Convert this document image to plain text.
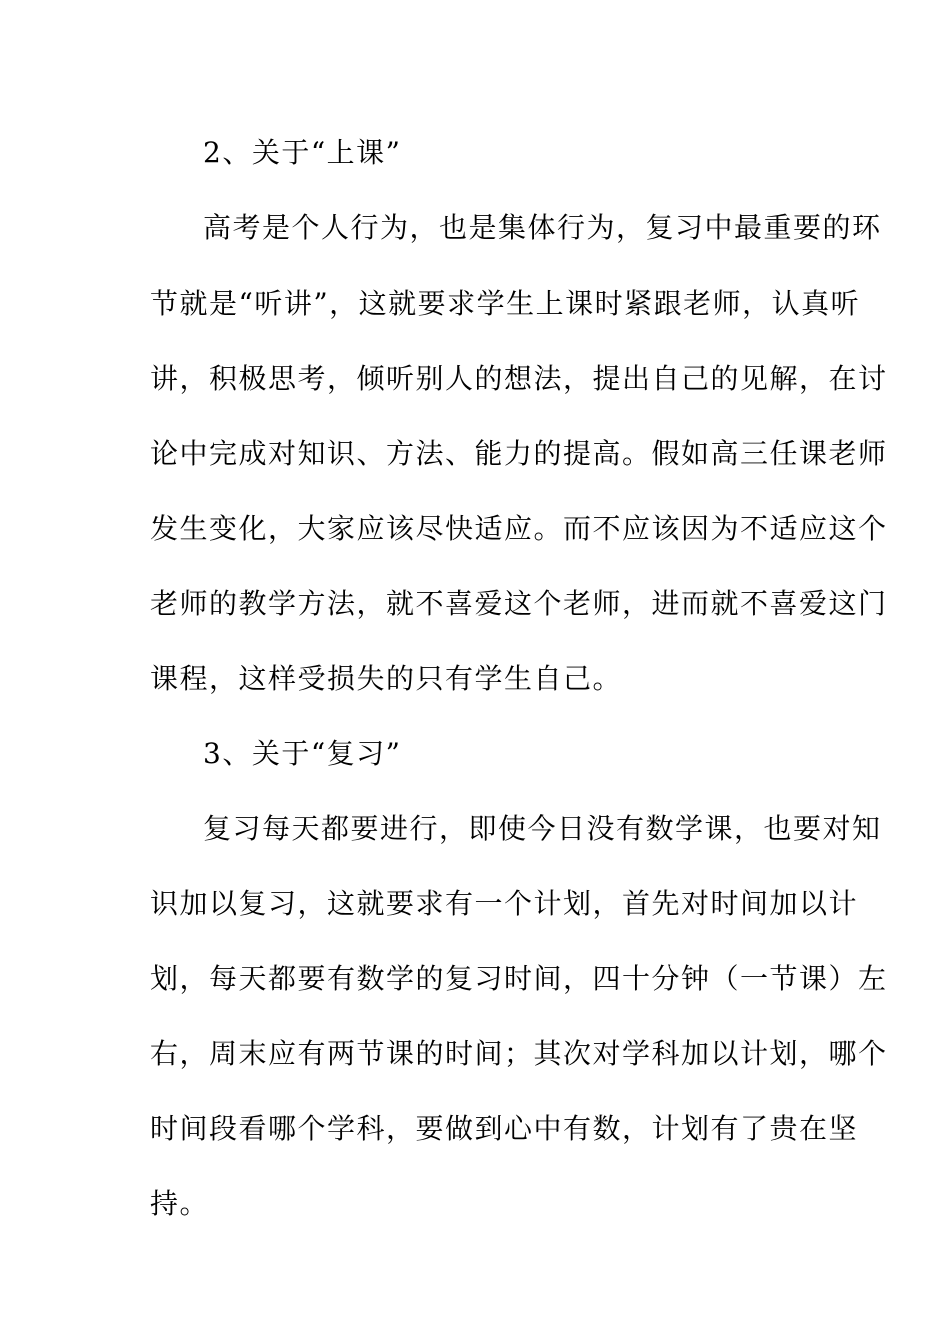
2、关于“上课”
高考是个人行为，也是集体行为，复习中最重要的环
节就是“听讲”，这就要求学生上课时紧跟老师，认真听
讲，积极思考，倾听别人的想法，提出自己的见解，在讨
论中完成对知识、方法、能力的提高。假如高三任课老师
发生变化，大家应该尽快适应。而不应该因为不适应这个
老师的教学方法，就不喜爱这个老师，进而就不喜爱这门
课程，这样受损失的只有学生自己。
3、关于“复习”
复习每天都要进行，即使今日没有数学课，也要对知
识加以复习，这就要求有一个计划，首先对时间加以计
划，每天都要有数学的复习时间，四十分钟（一节课）左
右，周末应有两节课的时间；其次对学科加以计划，哪个
时间段看哪个学科，要做到心中有数，计划有了贵在坚
持。
